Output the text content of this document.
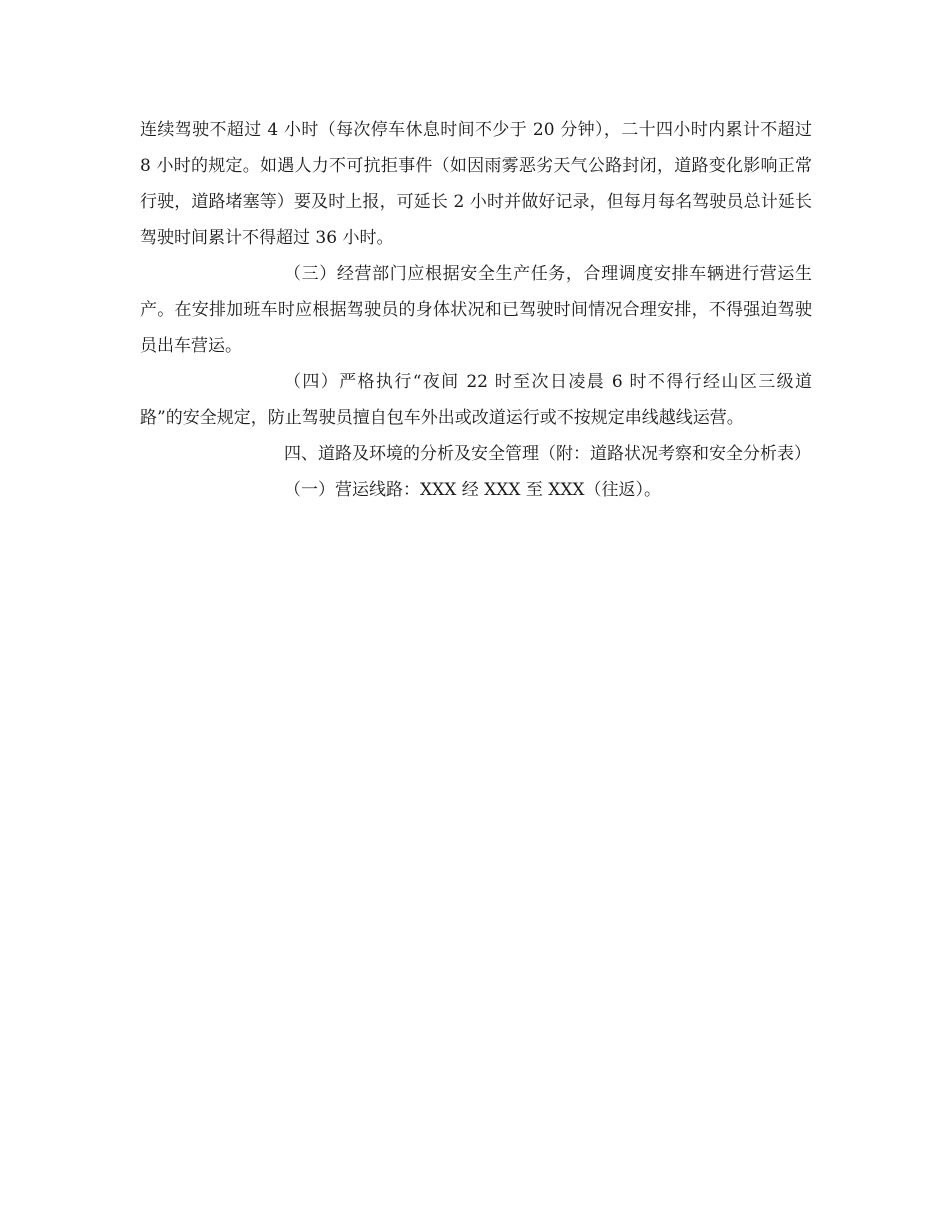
连续驾驶不超过 4 小时（每次停车休息时间不少于 20 分钟），二十四小时内累计不超过 8 小时的规定。如遇人力不可抗拒事件（如因雨雾恶劣天气公路封闭，道路变化影响正常行驶，道路堵塞等）要及时上报，可延长 2 小时并做好记录，但每月每名驾驶员总计延长驾驶时间累计不得超过 36 小时。

（三）经营部门应根据安全生产任务，合理调度安排车辆进行营运生产。在安排加班车时应根据驾驶员的身体状况和已驾驶时间情况合理安排，不得强迫驾驶员出车营运。

（四）严格执行“夜间 22 时至次日凌晨 6 时不得行经山区三级道路”的安全规定，防止驾驶员擅自包车外出或改道运行或不按规定串线越线运营。

四、道路及环境的分析及安全管理（附：道路状况考察和安全分析表）

（一）营运线路：XXX 经 XXX 至 XXX（往返）。
